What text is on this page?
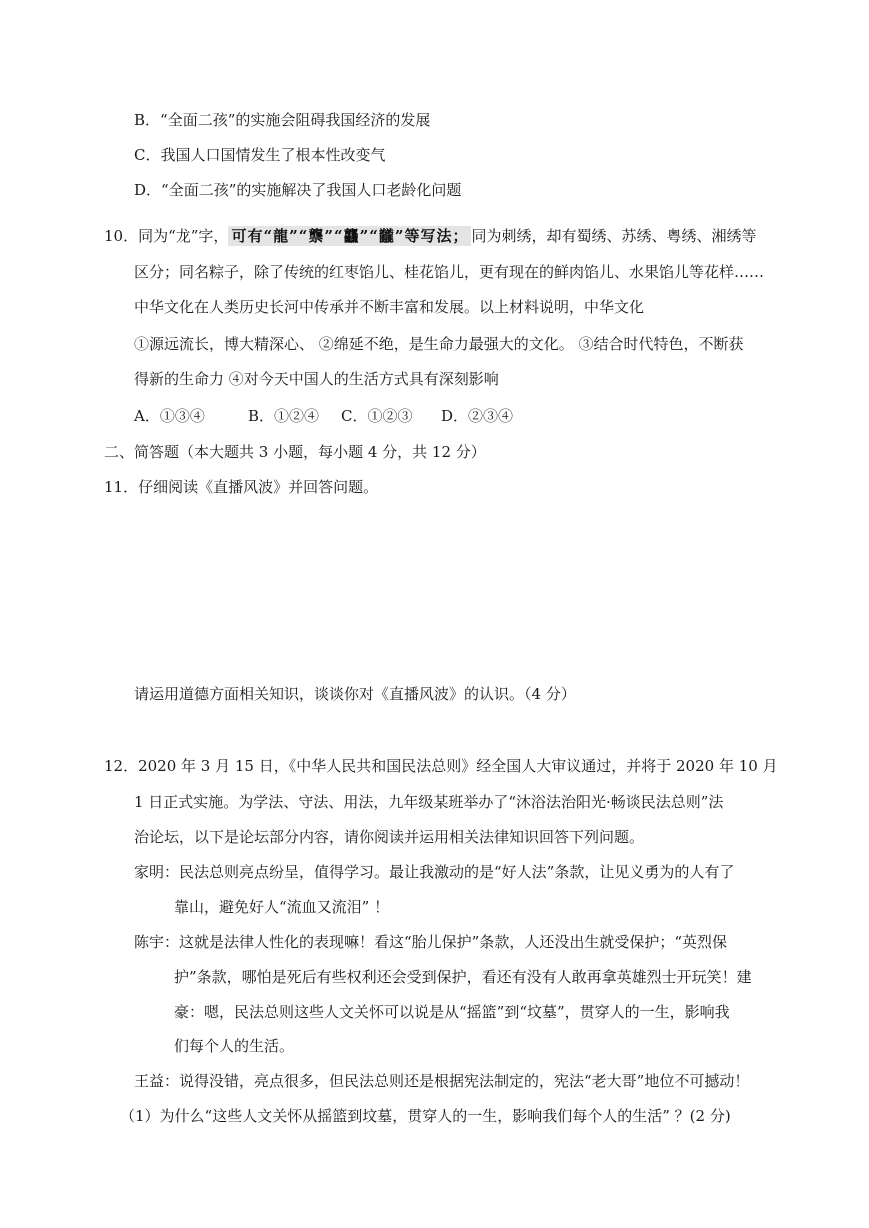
B．“全面二孩”的实施会阻碍我国经济的发展
C．我国人口国情发生了根本性改变气
D．“全面二孩”的实施解决了我国人口老龄化问题
10．同为“龙”字， 可有“龍”“龒”“龘”“龖”等写法； 同为刺绣，却有蜀绣、苏绣、粤绣、湘绣等
区分；同名粽子，除了传统的红枣馅儿、桂花馅儿，更有现在的鲜肉馅儿、水果馅儿等花样……
中华文化在人类历史长河中传承并不断丰富和发展。以上材料说明，中华文化
①源远流长，博大精深心、 ②绵延不绝，是生命力最强大的文化。 ③结合时代特色，不断获
得新的生命力 ④对今天中国人的生活方式具有深刻影响
A．①③④	B．①②④ C．①②③ D．②③④
二、简答题（本大题共 3 小题，每小题 4 分，共 12 分）
11．仔细阅读《直播风波》并回答问题。
请运用道德方面相关知识，谈谈你对《直播风波》的认识。（4 分）
12．2020 年 3 月 15 日，《中华人民共和国民法总则》经全国人大审议通过，并将于 2020 年 10 月
1 日正式实施。为学法、守法、用法，九年级某班举办了“沐浴法治阳光·畅谈民法总则”法
治论坛，以下是论坛部分内容，请你阅读并运用相关法律知识回答下列问题。
家明：民法总则亮点纷呈，值得学习。最让我激动的是“好人法”条款，让见义勇为的人有了
靠山，避免好人“流血又流泪” ！
陈宇：这就是法律人性化的表现嘛！看这“胎儿保护”条款，人还没出生就受保护；“英烈保
护”条款，哪怕是死后有些权利还会受到保护，看还有没有人敢再拿英雄烈士开玩笑！建
豪：嗯，民法总则这些人文关怀可以说是从“摇篮”到“坟墓”，贯穿人的一生，影响我
们每个人的生活。
王益：说得没错，亮点很多，但民法总则还是根据宪法制定的，宪法“老大哥”地位不可撼动！
（1）为什么“这些人文关怀从摇篮到坟墓，贯穿人的一生，影响我们每个人的生活” ？(2 分)
